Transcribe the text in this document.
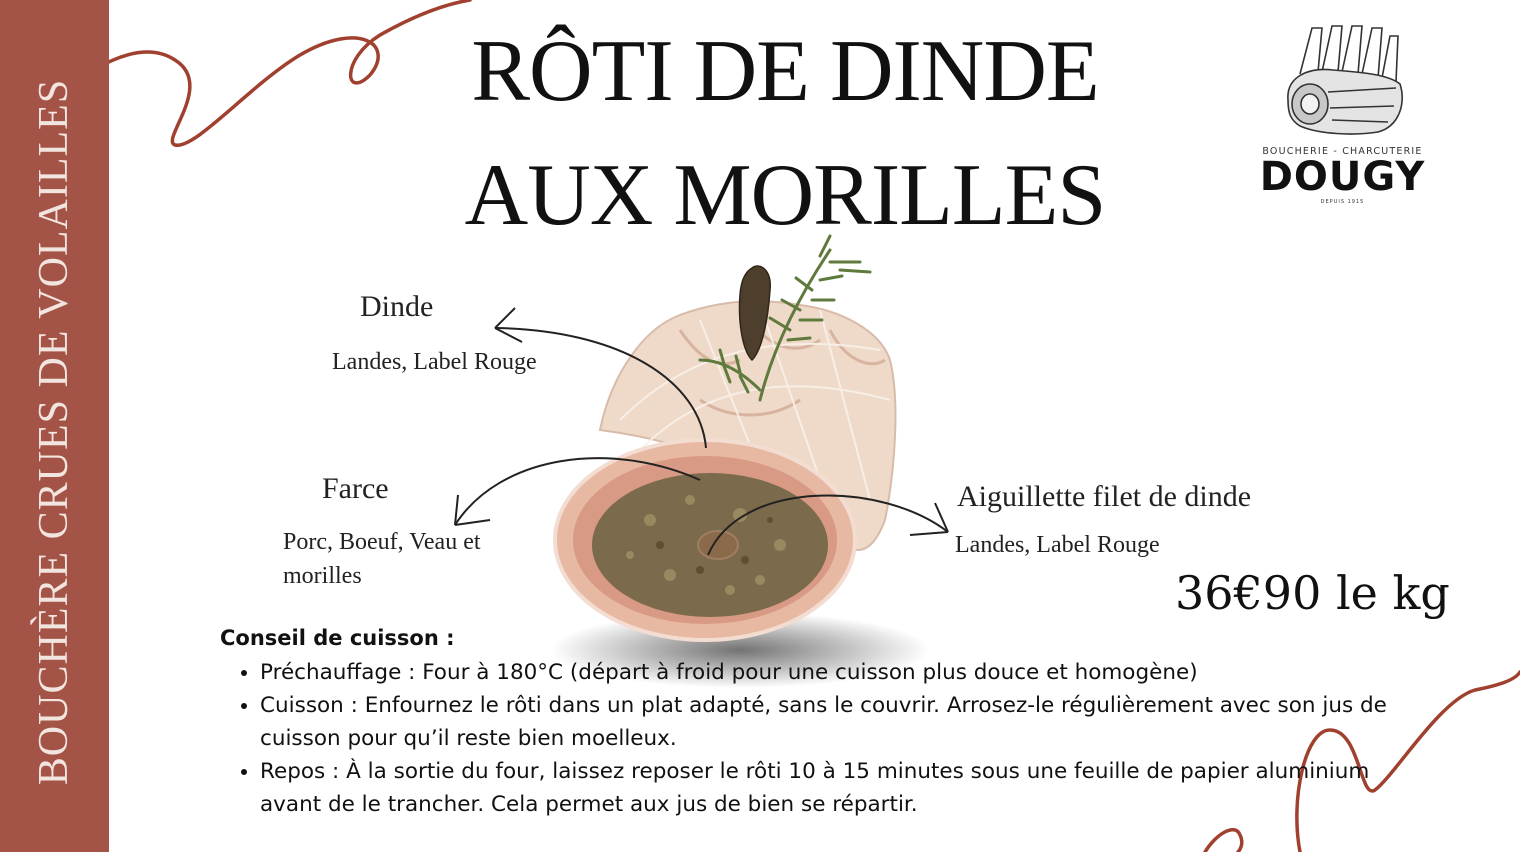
BOUCHÈRE CRUES DE VOLAILLES
RÔTI DE DINDE
AUX MORILLES	BOUCHERIE - CHARCUTERIE
DOUGY
DEPUIS 1915
Dinde
Landes, Label Rouge
Farce
Porc, Boeuf, Veau et
morilles
Aiguillette filet de dinde
Landes, Label Rouge
36€90 le kg
Conseil de cuisson :
• Préchauffage : Four à 180°C (départ à froid pour une cuisson plus douce et homogène)
• Cuisson : Enfournez le rôti dans un plat adapté, sans le couvrir. Arrosez-le régulièrement avec son jus de cuisson pour qu’il reste bien moelleux.
• Repos : À la sortie du four, laissez reposer le rôti 10 à 15 minutes sous une feuille de papier aluminium avant de le trancher. Cela permet aux jus de bien se répartir.
